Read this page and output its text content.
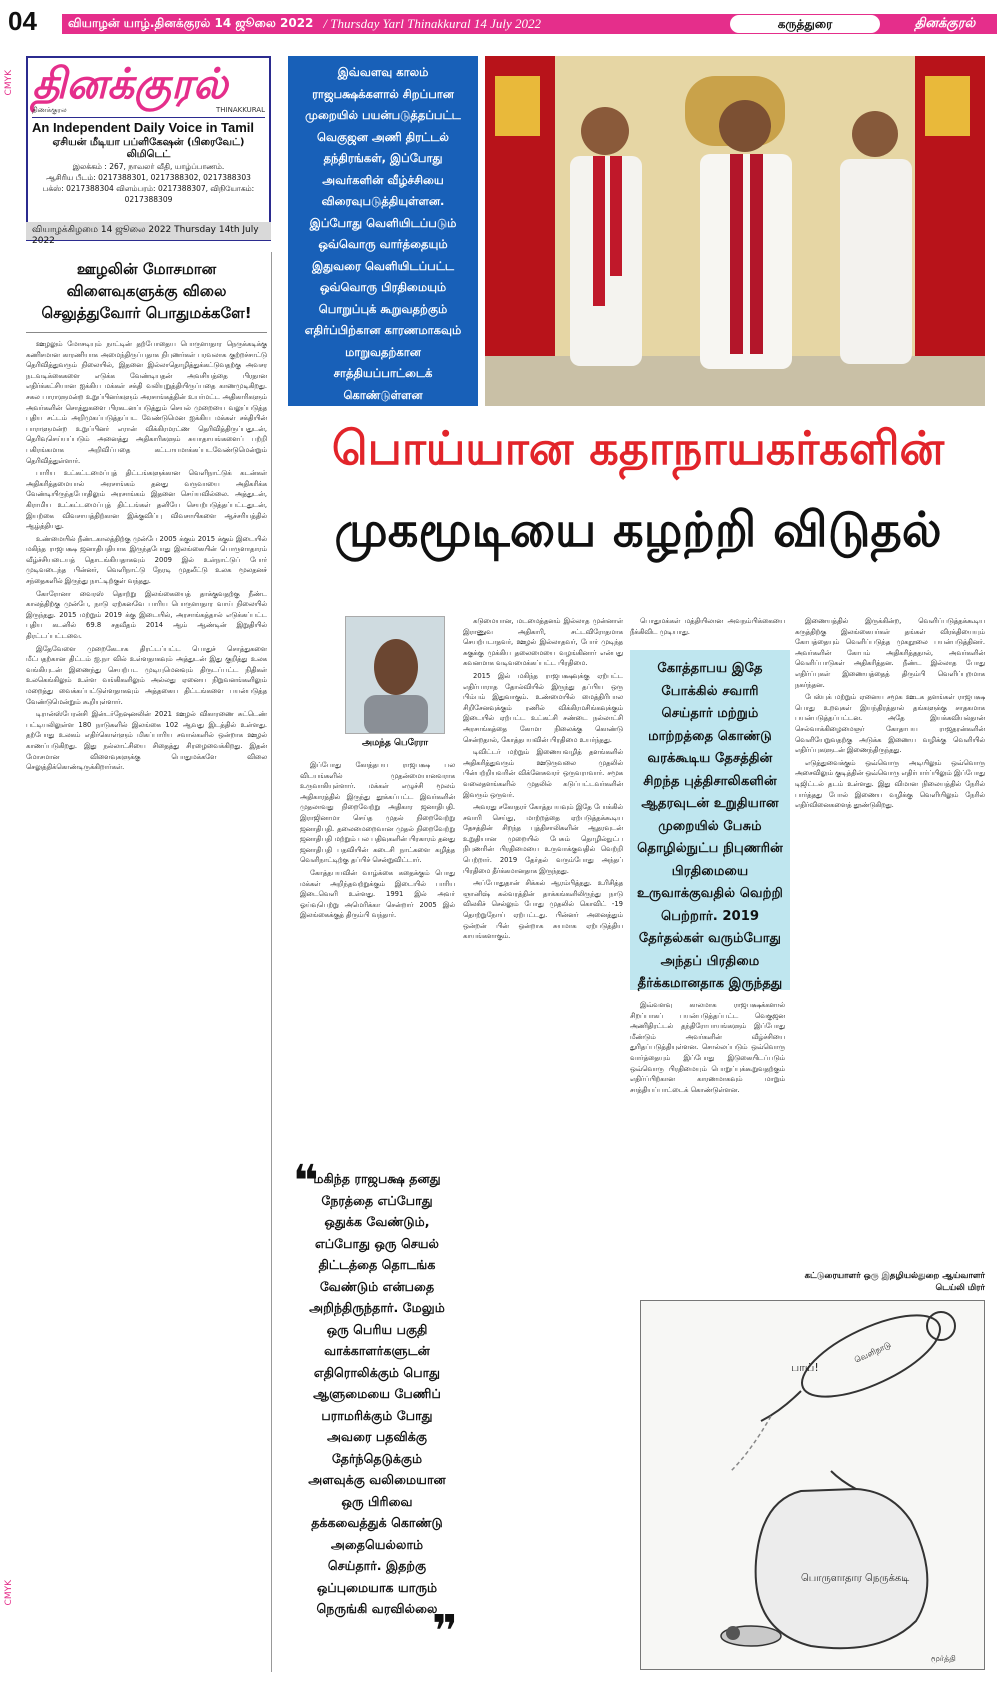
04	வியாழன் யாழ்.தினக்குரல் 14 ஜூலை 2022 / Thursday Yarl Thinakkural 14 July 2022	கருத்துரை	தினக்குரல்
CMYK
CMYK
தினக்குரல்
திணக்குரல	THINAKKURAL
An Independent Daily Voice in Tamil
ஏசியன் மீடியா பப்ளிகேஷன் (பிரைவேட்) லிமிடெட்
இலக்கம் : 267, நாவலர் வீதி, யாழ்ப்பாணம்.
ஆசிரிய பீடம்: 0217388301, 0217388302, 0217388303
பக்ஸ்: 0217388304 விளம்பரம்: 0217388307, விநியோகம்: 0217388309
வியாழக்கிழமை 14 ஜூலை 2022 Thursday 14th July 2022
ஊழலின் மோசமான விளைவுகளுக்கு விலை செலுத்துவோர் பொதுமக்களே!

ஊழலும் மோசடியும் நாட்டின் தற்போதைய பொருளாதார நெருக்கடிக்கு கணிசமான காரணியாக அமைந்திருப்பதாக நிபுணர்கள் பரவலாக குற்றச்சாட்டு தெரிவித்துவரும் நிலையில், இதனை இல்லாதொழித்துக்கட்டுவதற்கு அவசர நடவடிக்கைகளை எடுக்க வேண்டியதன் அவசியத்தை பிரதான எதிர்க்கட்சியான ஐக்கிய மக்கள் சக்தி வலியுறுத்தியிருப்பதை காணமுடிகிறது. சகல பாராளுமன்ற உறுப்பினர்களும் அரசாங்கத்தின் உயர்மட்ட அதிகாரிகளும் அவர்களின் சொத்துகளை பிரகடனப்படுத்தும் செயல் முறையை வலுப்படுத்த புதிய சட்டம் அறிமுகப்படுத்தப்பட வேண்டுமென ஐக்கிய மக்கள் சக்தியின் பாராளுமன்ற உறுப்பினர் எரான் விக்கிரமரட்ண தெரிவித்திருப்பதுடன், தெரிவுசெய்யப்படும் அனைத்து அதிகாரிகளும் சுயாதாயங்களைப் பற்றி பகிரங்கமாக அறிவிப்பதை கட்டாயமாக்கப்படவேண்டுமென்றும் தெரிவித்துள்ளார்.

பாரிய உட்கட்டமைப்புத் திட்டங்களுக்கான வெளிநாட்டுக் கடன்கள் அதிகரித்தமையால் அரசாங்கம் தனது வருவாயை அதிகரிக்க வேண்டியிருந்தபோதிலும் அரசாங்கம் இதனை செய்யவில்லை. அத்துடன், கிராமிய உட்கட்டமைப்புத் திட்டங்கள் தனியே செயற்படுத்தப்பட்டதுடன், இயற்கை விவசாயத்திற்கான இக்குவிப்பு விவசாயிகளை ஆச்சரியத்தில் ஆழ்த்தியது.

உண்மையில் நீண்டகாலத்திற்கு முன்பே 2005 க்கும் 2015 க்கும் இடையில் மகிந்த ராஜபக்ஷ ஜனாதிபதியாக இருந்தபோது இலங்கையின் பொருளாதாரம் வீழ்ச்சியடையத் தொடங்கியதாகவும் 2009 இல் உள்நாட்டுப் போர் முடிவடைந்த பின்னர், வெளிநாட்டு நேரடி முதலீட்டு உலக மூலதனச் சந்தைகளில் இருந்து நாட்டிற்குள் வந்தது.

கோரோனா வைரஸ் தொற்று இலங்கையைத் தாக்குவதற்கு நீண்ட காலத்திற்கு முன்பே, நாடு ஏற்கனவே பாரிய பொருளாதார வாய் நிலையில் இருந்தது. 2015 மற்றும் 2019 க்கு இடையில், அரசாங்கத்தால் எடுக்கப்பட்ட புதிய கடனில் 69.8 சதவீதம் 2014 ஆம் ஆண்டின் இறுதியில் திரட்டப்பட்டவை.

இதேவேளை முறைகேடாக திரட்டப்பட்ட பொதுச் சொத்துகளை மீட்பதற்கான திட்டம் ஐ.நா வில் உள்ளதாகவும் அத்துடன் இது குறித்து உலக வங்கியுடன் இணைந்து செயற்பட முடியுமெனவும் திருடப்பட்ட நிதிகள் உலகெங்கிலும் உள்ள வங்கிகளிலும் அல்லது ஏனைய நிறுவனங்களிலும் மறைத்து வைக்கப்பட்டுள்ளதாகவும் அத்தகைய திட்டங்களை பயன்படுத்த வேண்டுமென்றும் கூறியுள்ளார்.

டிரான்ஸ்பேரன்சி இன்டர்நேஷனலின் 2021 ஊழல் விகாரணை சுட்டெண் பட்டியலிலுள்ள 180 நாடுகளில் இலங்கை 102 ஆவது இடத்தில் உள்ளது. தற்போது உலகம் எதிர்கொள்ளும் மிகப்பாரிய சவால்களில் ஒன்றாக ஊழல் காணப்படுகிறது. இது நல்லாட்சியை சிதைத்து சிரழைவைக்கிறது. இதன் மோசமான விளைவுகளுக்கு பொதுமக்களே விலை செலுத்திக்கொண்டிருக்கிறார்கள்.

இவ்வளவு காலம் ராஜபக்ஷக்களால் சிறப்பான முறையில் பயன்படுத்தப்பட்ட வெகுஜன அணி திரட்டல் தந்திரங்கள், இப்போது அவர்களின் வீழ்ச்சியை விரைவுபடுத்தியுள்ளன. இப்போது வெளியிடப்படும் ஒவ்வொரு வார்த்தையும் இதுவரை வெளியிடப்பட்ட ஒவ்வொரு பிரதிமையும் பொறுப்புக் கூறுவதற்கும் எதிர்ப்பிற்கான காரணமாகவும் மாறுவதற்கான சாத்தியப்பாட்டைக் கொண்டுள்ளன
பொய்யான கதாநாயகர்களின்
முகமூடியை கழற்றி விடுதல்
அமந்த பெரேரா

இப்போது கோத்தபய ராஜபக்ஷ பல விடயங்களில் முதன்மையானவராக உருவாகியுள்ளார். மக்கள் எழுச்சி மூலம் அதிகாரத்தில் இருந்து தூக்கப்பட்ட இவர்களின் முதலாவது நிறைவேற்று அதிகார ஜனாதிபதி. இராஜினாமா செய்த முதல் நிறைவேற்று ஜனாதிபதி. தலைமைறைவான முதல் நிறைவேற்று ஜனாதிபதி மற்றும் பல பதிவுகளின் பிரகாரம் தனது ஜனாதிபதி பதவியின் கடைசி நாட்களை கழித்த வெளிநாட்டிற்கு தப்பிச் சென்றுவிட்டார்.

கோத்தபயவின் வாழ்க்கை கதைக்கும் பொது மக்கள் அறிந்தவற்றுக்கும் இடையில் பாரிய இடைவெளி உள்ளது. 1991 இல் அவர் ஓய்வுபெற்று அமெரிக்கா சென்றார் 2005 இல் இலங்கைக்குத் திரும்பி வந்தார்.

கடுமையான, மடமைத்தனம் இல்லாத முன்னாள் இராணுவ அதிகாரி, சட்டவிரோதமாக செயற்படாதவர், ஊழல் இல்லாதவர், போர் முடிந்த சுகுக்கு முக்கிய தலைமையை வழங்கினார் என்பது கவனமாக வடிவமைக்கப்பட்ட பிரதிமை.

2015 இல் மகிந்த ராஜபக்ஷவுக்கு ஏற்பட்ட எதிர்பாராத தோல்வியில் இருந்து தப்பிய ஒரு பிம்பம் இதுவாகும். உண்மையில் மைத்திரிபால சிறிசேனவுக்கும் ரணில் விக்கிரமசிங்கவுக்கும் இடையில் ஏற்பட்ட உட்கட்சி சண்டை நல்லாட்சி அரசாங்கத்தை கோமா நிலைக்கு கொண்டு சென்றதால், கோத்தபயவின் பிரதிமை உயர்ந்தது.

டிவிட்டர் மற்றும் இணையவழித் தளங்களில் அதிகரித்துவரும் ஊடுருவலை முதலில் பின்பற்றியவரின் விக்னேசுவரர் ஒருவராவார். சமூக வலைதளங்களில் முதலில் கடுப்பட்டவர்களின் இவரும் ஒருவர்.

அவரது சகோதரர் கோத்தபயவும் இதே போக்கில் சவாரி செய்து, மாற்றத்தை ஏற்படுத்தக்கூடிய தேசத்தின் சிறந்த புத்திசாலிகளின் ஆதரவுடன் உறுதியான முறையில் பேசும் தொழில்நுட்ப நிபுணரின் பிரதிமையை உருவாக்குவதில் வெற்றி பெற்றார். 2019 தேர்தல் வரும்போது அந்தப் பிரதிமை தீர்க்கமானதாக இருந்தது.

அப்போதுதான் சிக்கல் ஆரம்பித்தது. உரிசித்த ஞானிஷ் கல்வரத்தின் தாக்கங்களிலிருந்து நாடு விலகிச் செல்லும் போது முதலில் கொவிட் -19 தொற்றுநோய் ஏற்பட்டது. பின்னர் அனைத்தும் ஒன்றன் பின் ஒன்றாக சுயமாக ஏற்படுத்திய காயங்களாகும்.

பொதுமக்கள் மத்தியிலான அவநம்பிக்கையை நீக்கிவிட முடியாது.

கோத்தாபய இதே போக்கில் சவாரி செய்தார் மற்றும் மாற்றத்தை கொண்டு வரக்கூடிய தேசத்தின் சிறந்த புத்திசாலிகளின் ஆதரவுடன் உறுதியான முறையில் பேசும் தொழில்நுட்ப நிபுணரின் பிரதிமையை உருவாக்குவதில் வெற்றி பெற்றார். 2019 தேர்தல்கள் வரும்போது அந்தப் பிரதிமை தீர்க்கமானதாக இருந்தது

இவ்வளவு காலமாக ராஜபக்ஷக்களால் சிறப்பாகப் பயன்படுத்தப்பட்ட வெகுஜன அணிதிரட்டல் தந்திரோபாயங்களும் இப்போது மீண்டும் அவர்களின் வீழ்ச்சியை துரிதப்படுத்தியுள்ளன. சொல்லப்படும் ஒவ்வொரு வார்த்தையும் இப்போது இடுகையிடப்படும் ஒவ்வொரு பிரதிமையும் பொறுப்புக்கூறுவதற்கும் எதிர்ப்பிற்கான காரணமாகவும் மாறும் சாத்தியப்பாட்டைக் கொண்டுள்ளன.

இணையத்தில் இருக்கின்ற, வெளிப்படுத்தக்கூடிய கருத்திற்கு இலங்கையர்கள் தங்கள் விரக்தியையும் கோபத்தையும் வெளிப்படுத்த முகநூலை பயன்படுத்தினர். அவர்களின் கோபம் அதிகரித்ததால், அவர்களின் வெளிப்பாடுகள் அதிகரித்தன. நீண்ட இல்லாத போது எதிர்ப்புகள் இணையத்தைத் திரும்பி வெளிப்புறமாக நகர்ந்தன.

பேஸ்புக் மற்றும் ஏனைய சமூக ஊடக தளங்கள் ராஜபக்ஷ பொது உறவுகள் இயந்திரத்தால் தங்களுக்கு சாதகமாக பயன்படுத்தப்பட்டன. அதே இயக்கவியல்தான் செல்வாக்கிழைமைஞர் கோதாபய ராஜதரன்களின் வெளியேறுவதற்கு அடுக்க இணைய வழிக்கு வெளியில் எதிர்ப்புகளுடன் இணைந்திருந்தது.

எடுத்துவைக்கும் ஒவ்வொரு அடியிலும் ஒவ்வொரு அசைவிலும் குடித்தின் ஒவ்வொரு எதிர்பார்ப்பிலும் இப்போது டிஜிட்டல் தடம் உள்ளது. இது விமான நிலையத்தில் நேரில் பார்த்தது போல் இணைய வழிக்கு வெளியிலும் நேரில் எதிர்வினைகளைத் தூண்டுகிறது.

கட்டுரையாளர் ஒரு இதழியல்துறை ஆய்வாளர்
டெய்லி மிரர்
❝
மகிந்த ராஜபக்ஷ தனது நேரத்தை எப்போது ஒதுக்க வேண்டும், எப்போது ஒரு செயல் திட்டத்தை தொடங்க வேண்டும் என்பதை அறிந்திருந்தார். மேலும் ஒரு பெரிய பகுதி வாக்காளர்களுடன் எதிரொலிக்கும் பொது ஆளுமையை பேணிப் பராமரிக்கும் போது அவரை பதவிக்கு தேர்ந்தெடுக்கும் அளவுக்கு வலிமையான ஒரு பிரிவை தக்கவைத்துக் கொண்டு அதையெல்லாம் செய்தார். இதற்கு ஒப்புமையாக யாரும் நெருங்கி வரவில்லை
❞
வெளிநாடு
பாய்!
பொருளாதார நெருக்கடி
மூர்த்தி
